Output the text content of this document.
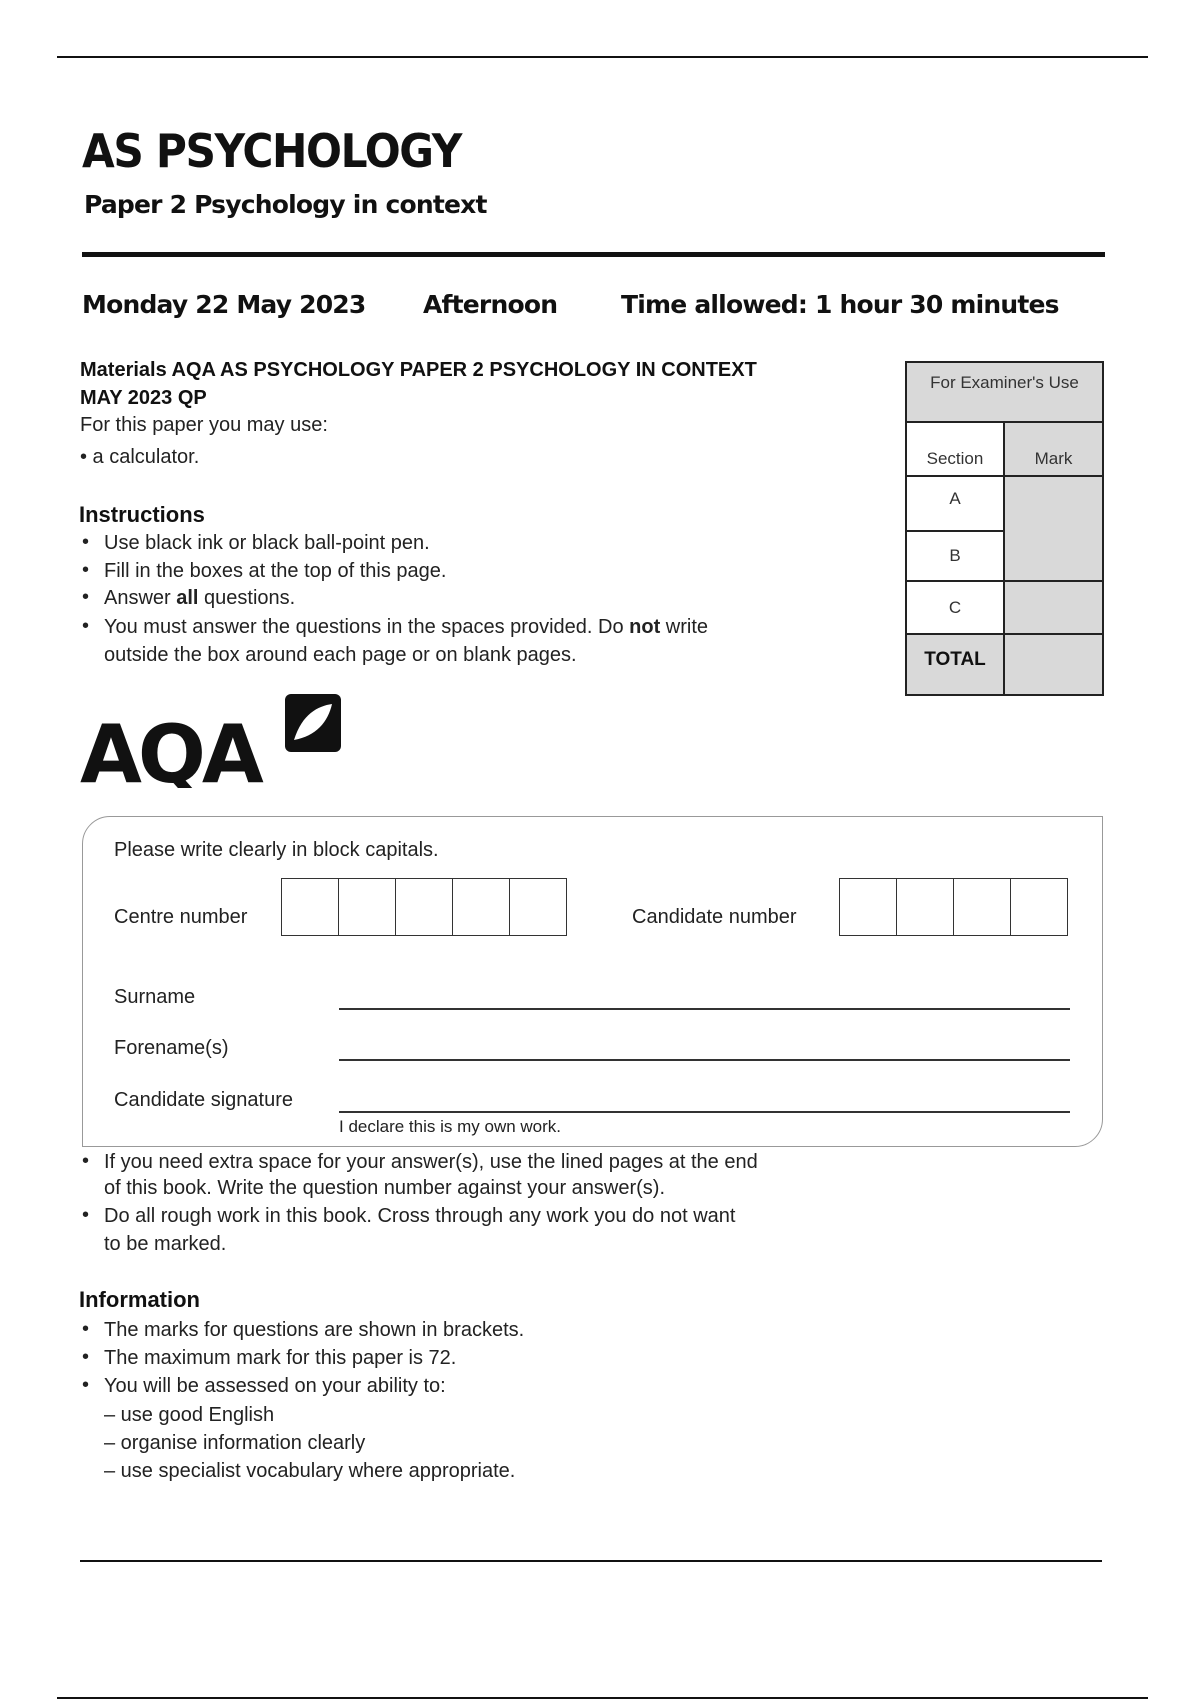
AS PSYCHOLOGY
Paper 2 Psychology in context
Monday 22 May 2023 Afternoon	Time allowed: 1 hour 30 minutes
Materials AQA AS PSYCHOLOGY PAPER 2 PSYCHOLOGY IN CONTEXT
MAY 2023 QP
For this paper you may use:
• a calculator.
Instructions
• Use black ink or black ball-point pen.
• Fill in the boxes at the top of this page.
• Answer all questions.
• You must answer the questions in the spaces provided. Do not write
outside the box around each page or on blank pages.
For Examiner's Use	
Section	Mark
A	
B	
C	
TOTAL	
AQA
Please write clearly in block capitals.
Centre number	Candidate number
Surname
Forename(s)
Candidate signature
I declare this is my own work.
• If you need extra space for your answer(s), use the lined pages at the end
of this book. Write the question number against your answer(s).
• Do all rough work in this book. Cross through any work you do not want
to be marked.
Information
• The marks for questions are shown in brackets.
• The maximum mark for this paper is 72.
• You will be assessed on your ability to:
– use good English
– organise information clearly
– use specialist vocabulary where appropriate.
